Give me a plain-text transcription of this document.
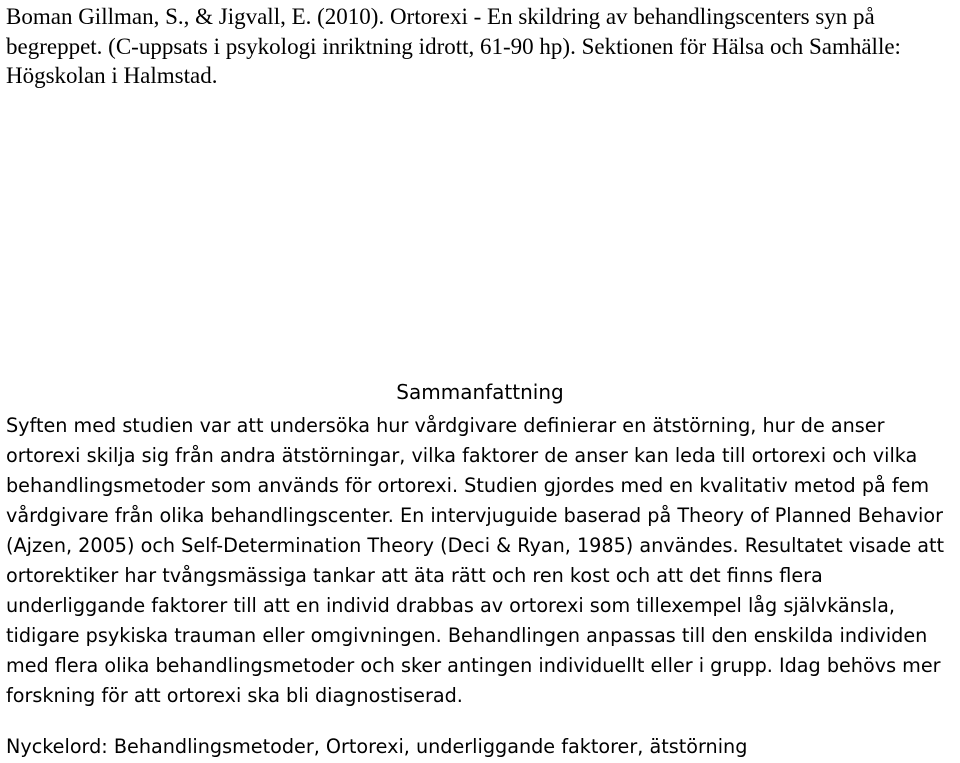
Boman Gillman, S., & Jigvall, E. (2010). Ortorexi - En skildring av behandlingscenters syn på begreppet. (C-uppsats i psykologi inriktning idrott, 61-90 hp). Sektionen för Hälsa och Samhälle: Högskolan i Halmstad.

Sammanfattning

Syften med studien var att undersöka hur vårdgivare definierar en ätstörning, hur de anser ortorexi skilja sig från andra ätstörningar, vilka faktorer de anser kan leda till ortorexi och vilka behandlingsmetoder som används för ortorexi. Studien gjordes med en kvalitativ metod på fem vårdgivare från olika behandlingscenter. En intervjuguide baserad på Theory of Planned Behavior (Ajzen, 2005) och Self-Determination Theory (Deci & Ryan, 1985) användes. Resultatet visade att ortorektiker har tvångsmässiga tankar att äta rätt och ren kost och att det finns flera underliggande faktorer till att en individ drabbas av ortorexi som tillexempel låg självkänsla, tidigare psykiska trauman eller omgivningen. Behandlingen anpassas till den enskilda individen med flera olika behandlingsmetoder och sker antingen individuellt eller i grupp. Idag behövs mer forskning för att ortorexi ska bli diagnostiserad.

Nyckelord: Behandlingsmetoder, Ortorexi, underliggande faktorer, ätstörning
